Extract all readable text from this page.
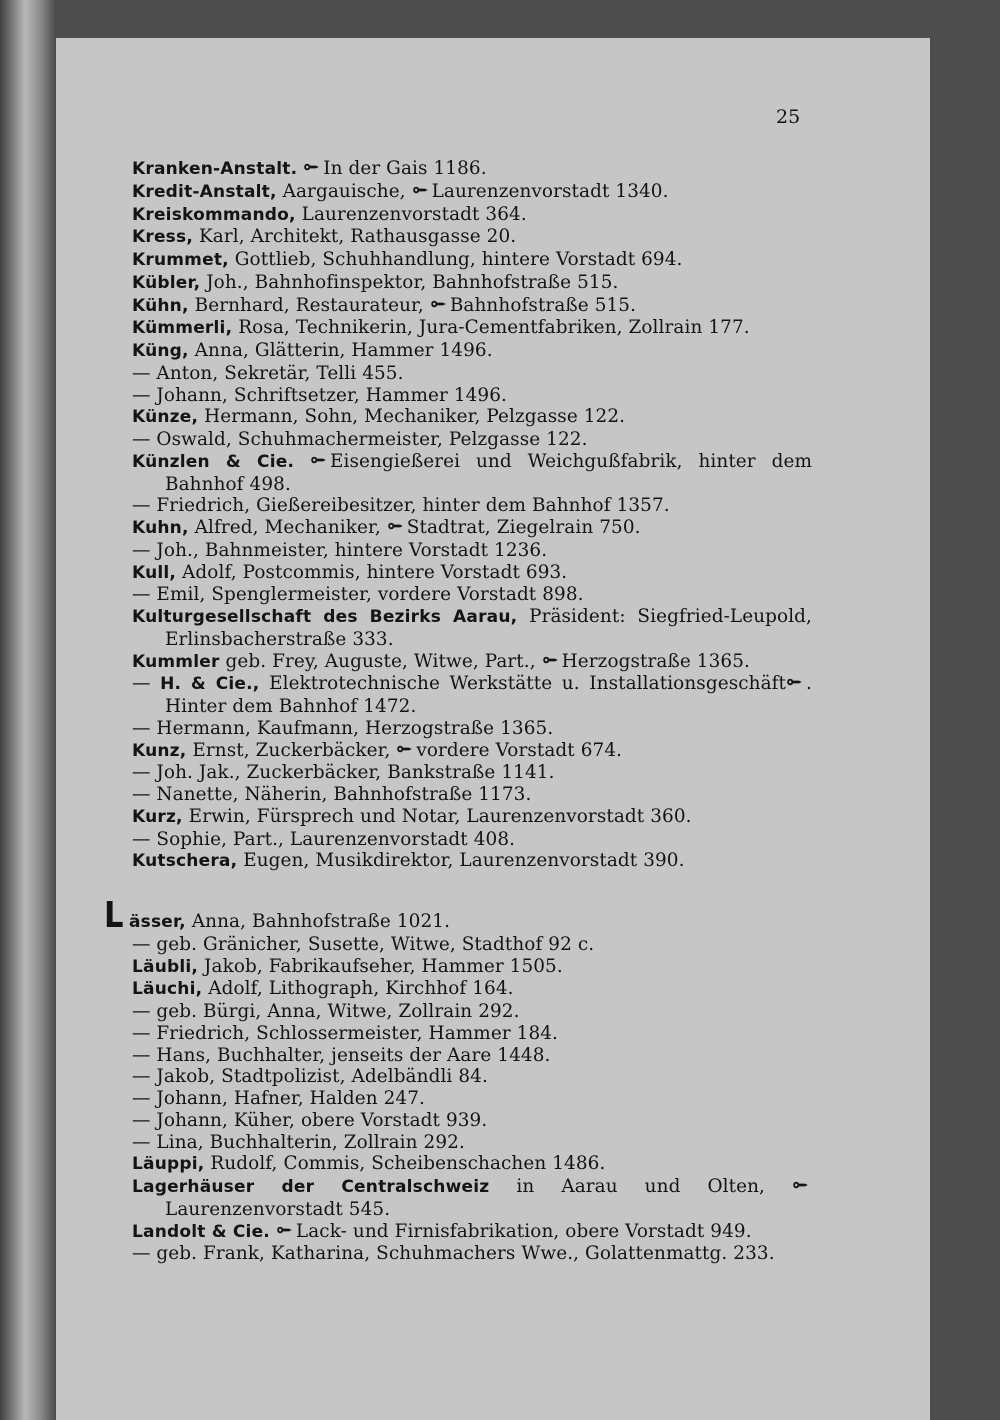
25

Kranken-Anstalt. In der Gais 1186.

Kredit-Anstalt, Aargauische, Laurenzenvorstadt 1340.

Kreiskommando, Laurenzenvorstadt 364.

Kress, Karl, Architekt, Rathausgasse 20.

Krummet, Gottlieb, Schuhhandlung, hintere Vorstadt 694.

Kübler, Joh., Bahnhofinspektor, Bahnhofstraße 515.

Kühn, Bernhard, Restaurateur, Bahnhofstraße 515.

Kümmerli, Rosa, Technikerin, Jura-Cementfabriken, Zollrain 177.

Küng, Anna, Glätterin, Hammer 1496.

— Anton, Sekretär, Telli 455.

— Johann, Schriftsetzer, Hammer 1496.

Künze, Hermann, Sohn, Mechaniker, Pelzgasse 122.

— Oswald, Schuhmachermeister, Pelzgasse 122.

Künzlen & Cie. Eisengießerei und Weichgußfabrik, hinter dem Bahnhof 498.

— Friedrich, Gießereibesitzer, hinter dem Bahnhof 1357.

Kuhn, Alfred, Mechaniker, Stadtrat, Ziegelrain 750.

— Joh., Bahnmeister, hintere Vorstadt 1236.

Kull, Adolf, Postcommis, hintere Vorstadt 693.

— Emil, Spenglermeister, vordere Vorstadt 898.

Kulturgesellschaft des Bezirks Aarau, Präsident: Siegfried-Leupold, Erlinsbacherstraße 333.

Kummler geb. Frey, Auguste, Witwe, Part., Herzogstraße 1365.

— H. & Cie., Elektrotechnische Werkstätte u. Installationsgeschäft . Hinter dem Bahnhof 1472.

— Hermann, Kaufmann, Herzogstraße 1365.

Kunz, Ernst, Zuckerbäcker, vordere Vorstadt 674.

— Joh. Jak., Zuckerbäcker, Bankstraße 1141.

— Nanette, Näherin, Bahnhofstraße 1173.

Kurz, Erwin, Fürsprech und Notar, Laurenzenvorstadt 360.

— Sophie, Part., Laurenzenvorstadt 408.

Kutschera, Eugen, Musikdirektor, Laurenzenvorstadt 390.

Lässer, Anna, Bahnhofstraße 1021.

— geb. Gränicher, Susette, Witwe, Stadthof 92 c.

Läubli, Jakob, Fabrikaufseher, Hammer 1505.

Läuchi, Adolf, Lithograph, Kirchhof 164.

— geb. Bürgi, Anna, Witwe, Zollrain 292.

— Friedrich, Schlossermeister, Hammer 184.

— Hans, Buchhalter, jenseits der Aare 1448.

— Jakob, Stadtpolizist, Adelbändli 84.

— Johann, Hafner, Halden 247.

— Johann, Küher, obere Vorstadt 939.

— Lina, Buchhalterin, Zollrain 292.

Läuppi, Rudolf, Commis, Scheibenschachen 1486.

Lagerhäuser der Centralschweiz in Aarau und Olten,
Laurenzenvorstadt 545.

Landolt & Cie. Lack- und Firnisfabrikation, obere Vorstadt 949.

— geb. Frank, Katharina, Schuhmachers Wwe., Golattenmattg. 233.
